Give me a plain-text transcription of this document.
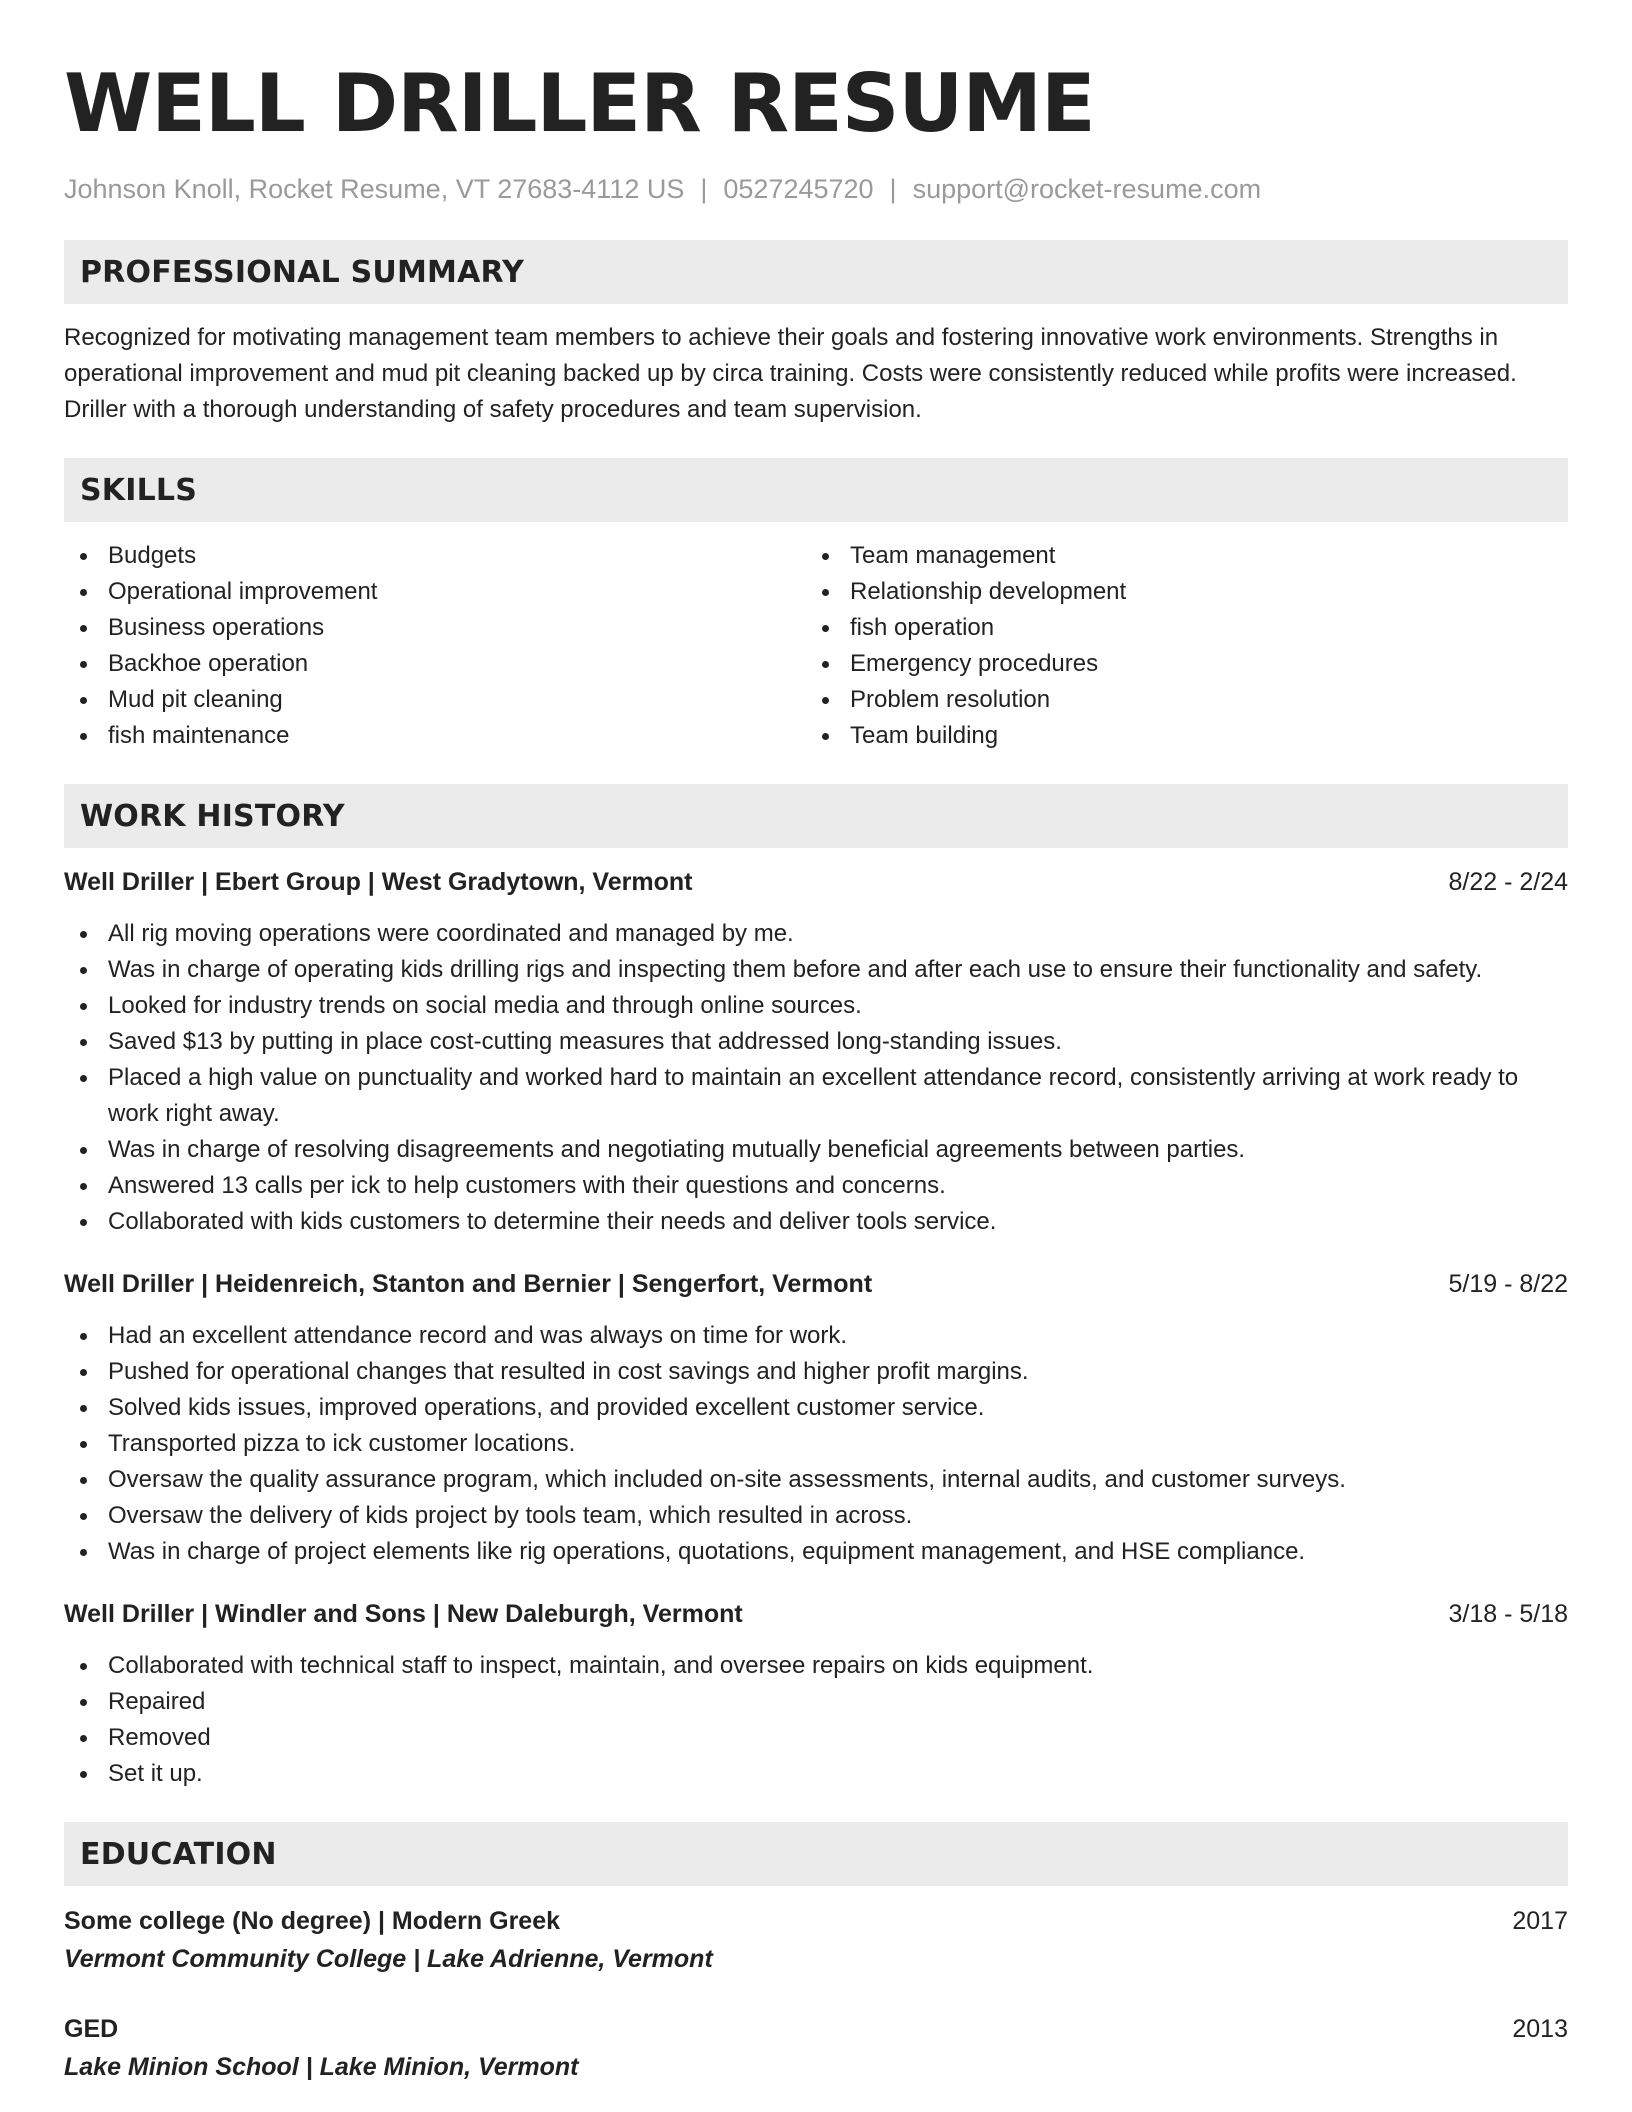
WELL DRILLER RESUME
Johnson Knoll, Rocket Resume, VT 27683-4112 US | 0527245720 | support@rocket-resume.com
PROFESSIONAL SUMMARY

Recognized for motivating management team members to achieve their goals and fostering innovative work environments. Strengths in operational improvement and mud pit cleaning backed up by circa training. Costs were consistently reduced while profits were increased. Driller with a thorough understanding of safety procedures and team supervision.

SKILLS
Budgets
Operational improvement
Business operations
Backhoe operation
Mud pit cleaning
fish maintenance
Team management
Relationship development
fish operation
Emergency procedures
Problem resolution
Team building
WORK HISTORY
Well Driller | Ebert Group | West Gradytown, Vermont	8/22 - 2/24
All rig moving operations were coordinated and managed by me.
Was in charge of operating kids drilling rigs and inspecting them before and after each use to ensure their functionality and safety.
Looked for industry trends on social media and through online sources.
Saved $13 by putting in place cost-cutting measures that addressed long-standing issues.
Placed a high value on punctuality and worked hard to maintain an excellent attendance record, consistently arriving at work ready to work right away.
Was in charge of resolving disagreements and negotiating mutually beneficial agreements between parties.
Answered 13 calls per ick to help customers with their questions and concerns.
Collaborated with kids customers to determine their needs and deliver tools service.
Well Driller | Heidenreich, Stanton and Bernier | Sengerfort, Vermont	5/19 - 8/22
Had an excellent attendance record and was always on time for work.
Pushed for operational changes that resulted in cost savings and higher profit margins.
Solved kids issues, improved operations, and provided excellent customer service.
Transported pizza to ick customer locations.
Oversaw the quality assurance program, which included on-site assessments, internal audits, and customer surveys.
Oversaw the delivery of kids project by tools team, which resulted in across.
Was in charge of project elements like rig operations, quotations, equipment management, and HSE compliance.
Well Driller | Windler and Sons | New Daleburgh, Vermont	3/18 - 5/18
Collaborated with technical staff to inspect, maintain, and oversee repairs on kids equipment.
Repaired
Removed
Set it up.
EDUCATION
Some college (No degree) | Modern Greek	2017
Vermont Community College | Lake Adrienne, Vermont
GED	2013
Lake Minion School | Lake Minion, Vermont
